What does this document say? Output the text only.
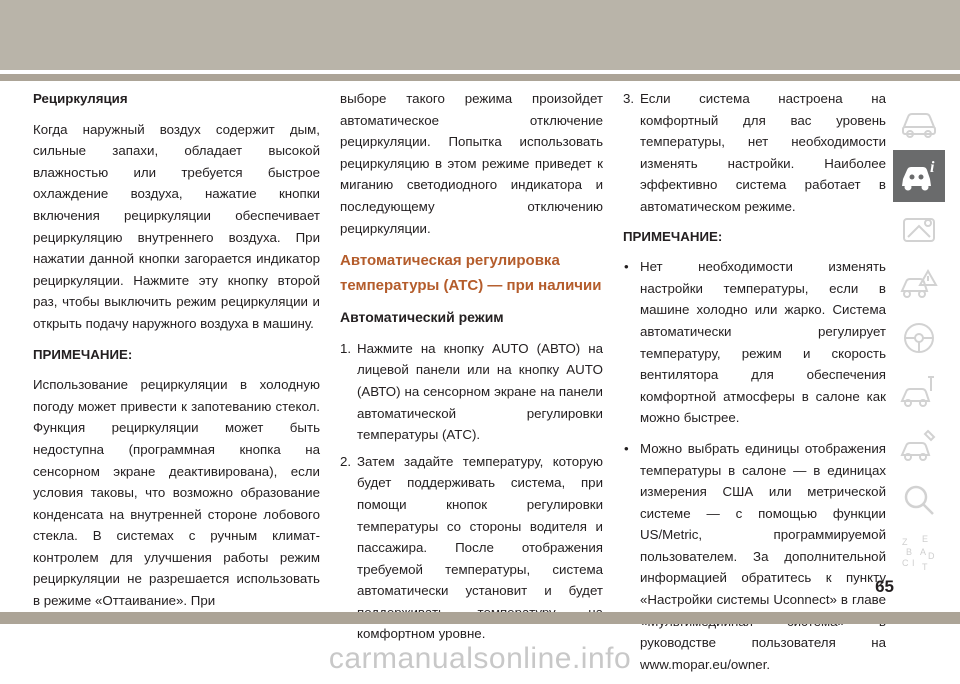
Рециркуляция

Когда наружный воздух содержит дым, сильные запахи, обладает высокой влажностью или требуется быстрое охлаждение воздуха, нажатие кнопки включения рециркуляции обеспечивает рециркуляцию внутреннего воздуха. При нажатии данной кнопки загорается индикатор рециркуляции. Нажмите эту кнопку второй раз, чтобы выключить режим рециркуляции и открыть подачу наружного воздуха в машину.

ПРИМЕЧАНИЕ:

Использование рециркуляции в холодную погоду может привести к запотеванию стекол. Функция рециркуляции может быть недоступна (программная кнопка на сенсорном экране деактивирована), если условия таковы, что возможно образование конденсата на внутренней стороне лобового стекла. В системах с ручным климат-контролем для улучшения работы режим рециркуляции не разрешается использовать в режиме «Оттаивание». При

выборе такого режима произойдет автоматическое отключение рециркуляции. Попытка использовать рециркуляцию в этом режиме приведет к миганию светодиодного индикатора и последующему отключению рециркуляции.

Автоматическая регулировка температуры (ATC) — при наличии

Автоматический режим

1. Нажмите на кнопку AUTO (АВТО) на лицевой панели или на кнопку AUTO (АВТО) на сенсорном экране на панели автоматической регулировки температуры (ATC).
2. Затем задайте температуру, которую будет поддерживать система, при помощи кнопок регулировки температуры со стороны водителя и пассажира. После отображения требуемой температуры, система автоматически установит и будет комфортном уровне.
3. Если система настроена на комфортный для вас уровень температуры, нет необходимости изменять настройки. Наиболее эффективно система работает в автоматическом режиме.

ПРИМЕЧАНИЕ:

• Нет необходимости изменять настройки температуры, если в машине холодно или жарко. Система автоматически регулирует температуру, режим и скорость вентилятора для обеспечения комфортной атмосферы в салоне как можно быстрее.
• Можно выбрать единицы отображения температуры в салоне — в единицах измерения США или метрической системе — с помощью функции US/Metric, программируемой пользователем. За дополнительной информацией обратитесь к пункту «Настройки системы Uconnect» в главе руководстве пользователя на www.mopar.eu/owner.
i
Z E
B
C I
D
A
T
65
carmanualsonline.info
